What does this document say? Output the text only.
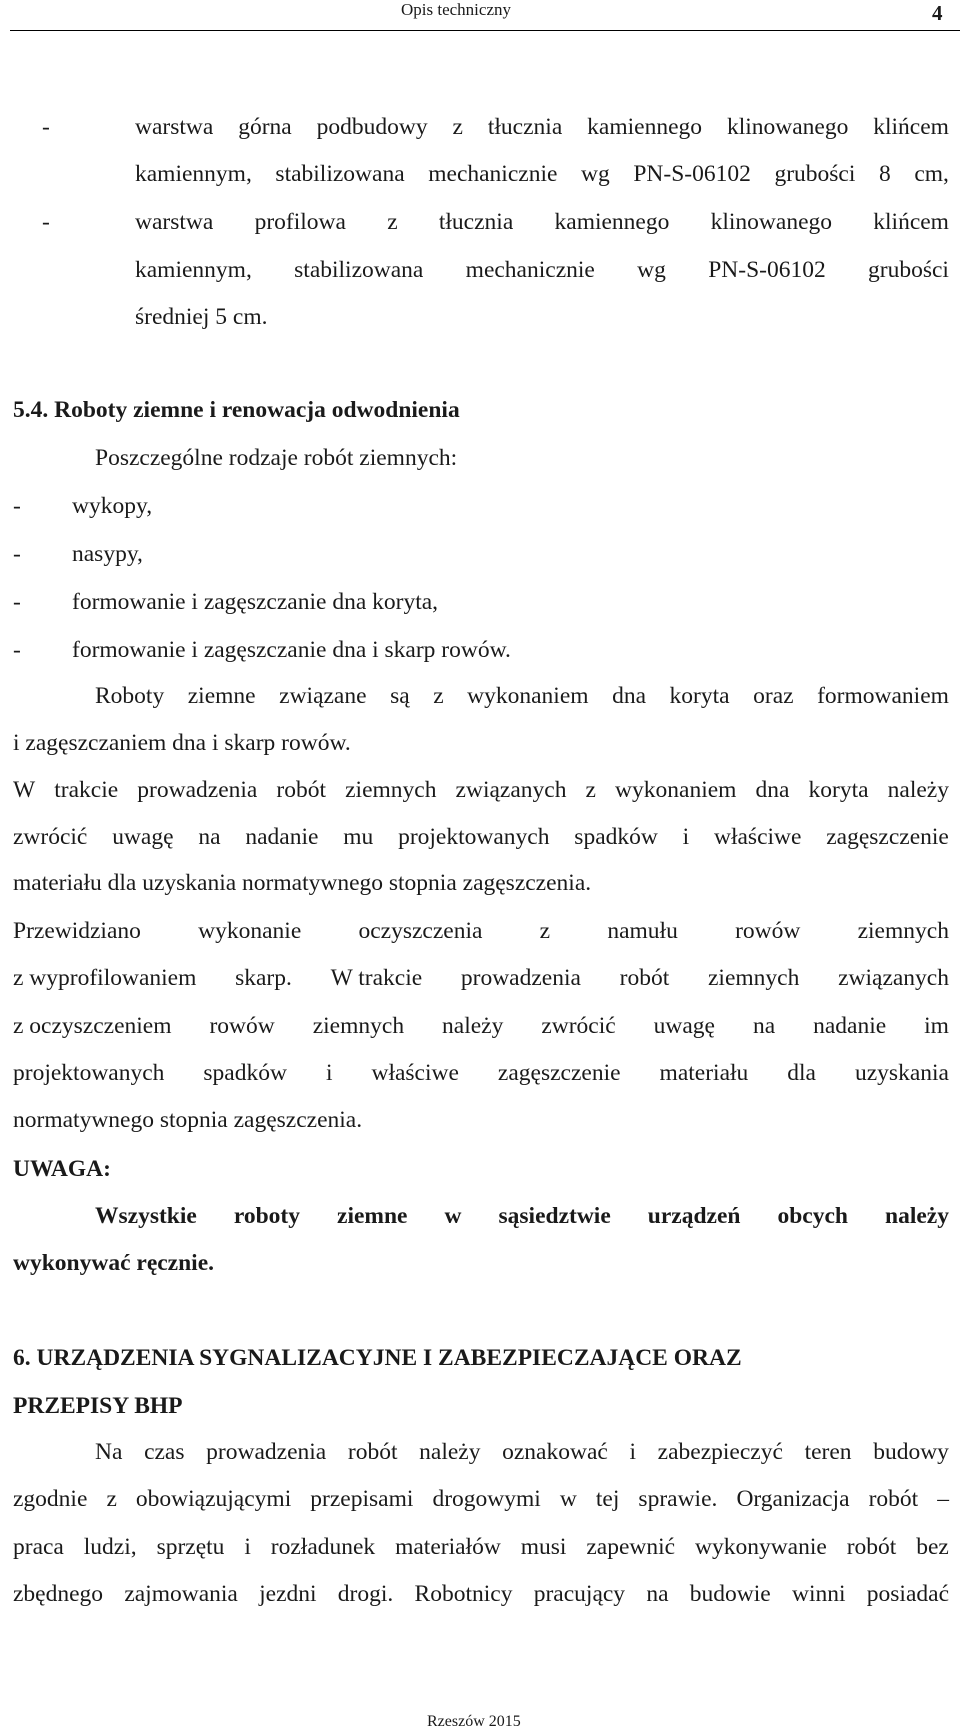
Opis techniczny	4
-	warstwa górna podbudowy z tłucznia kamiennego klinowanego klińcem
kamiennym, stabilizowana mechanicznie wg PN-S-06102 grubości 8 cm,
-	warstwa profilowa z tłucznia kamiennego klinowanego klińcem
kamiennym, stabilizowana mechanicznie wg PN-S-06102 grubości
średniej 5 cm.
5.4. Roboty ziemne i renowacja odwodnienia
Poszczególne rodzaje robót ziemnych:
- wykopy,
- nasypy,
- formowanie i zagęszczanie dna koryta,
- formowanie i zagęszczanie dna i skarp rowów.
Roboty ziemne związane są z wykonaniem dna koryta oraz formowaniem
i zagęszczaniem dna i skarp rowów.
W trakcie prowadzenia robót ziemnych związanych z wykonaniem dna koryta należy
zwrócić uwagę na nadanie mu projektowanych spadków i właściwe zagęszczenie
materiału dla uzyskania normatywnego stopnia zagęszczenia.
Przewidziano wykonanie oczyszczenia z namułu rowów ziemnych
z wyprofilowaniem skarp. W trakcie prowadzenia robót ziemnych związanych
z oczyszczeniem rowów ziemnych należy zwrócić uwagę na nadanie im
projektowanych spadków i właściwe zagęszczenie materiału dla uzyskania
normatywnego stopnia zagęszczenia.
UWAGA:
Wszystkie roboty ziemne w sąsiedztwie urządzeń obcych należy
wykonywać ręcznie.
6. URZĄDZENIA SYGNALIZACYJNE I ZABEZPIECZAJĄCE ORAZ
PRZEPISY BHP
Na czas prowadzenia robót należy oznakować i zabezpieczyć teren budowy
zgodnie z obowiązującymi przepisami drogowymi w tej sprawie. Organizacja robót –
praca ludzi, sprzętu i rozładunek materiałów musi zapewnić wykonywanie robót bez
zbędnego zajmowania jezdni drogi. Robotnicy pracujący na budowie winni posiadać
Rzeszów 2015
